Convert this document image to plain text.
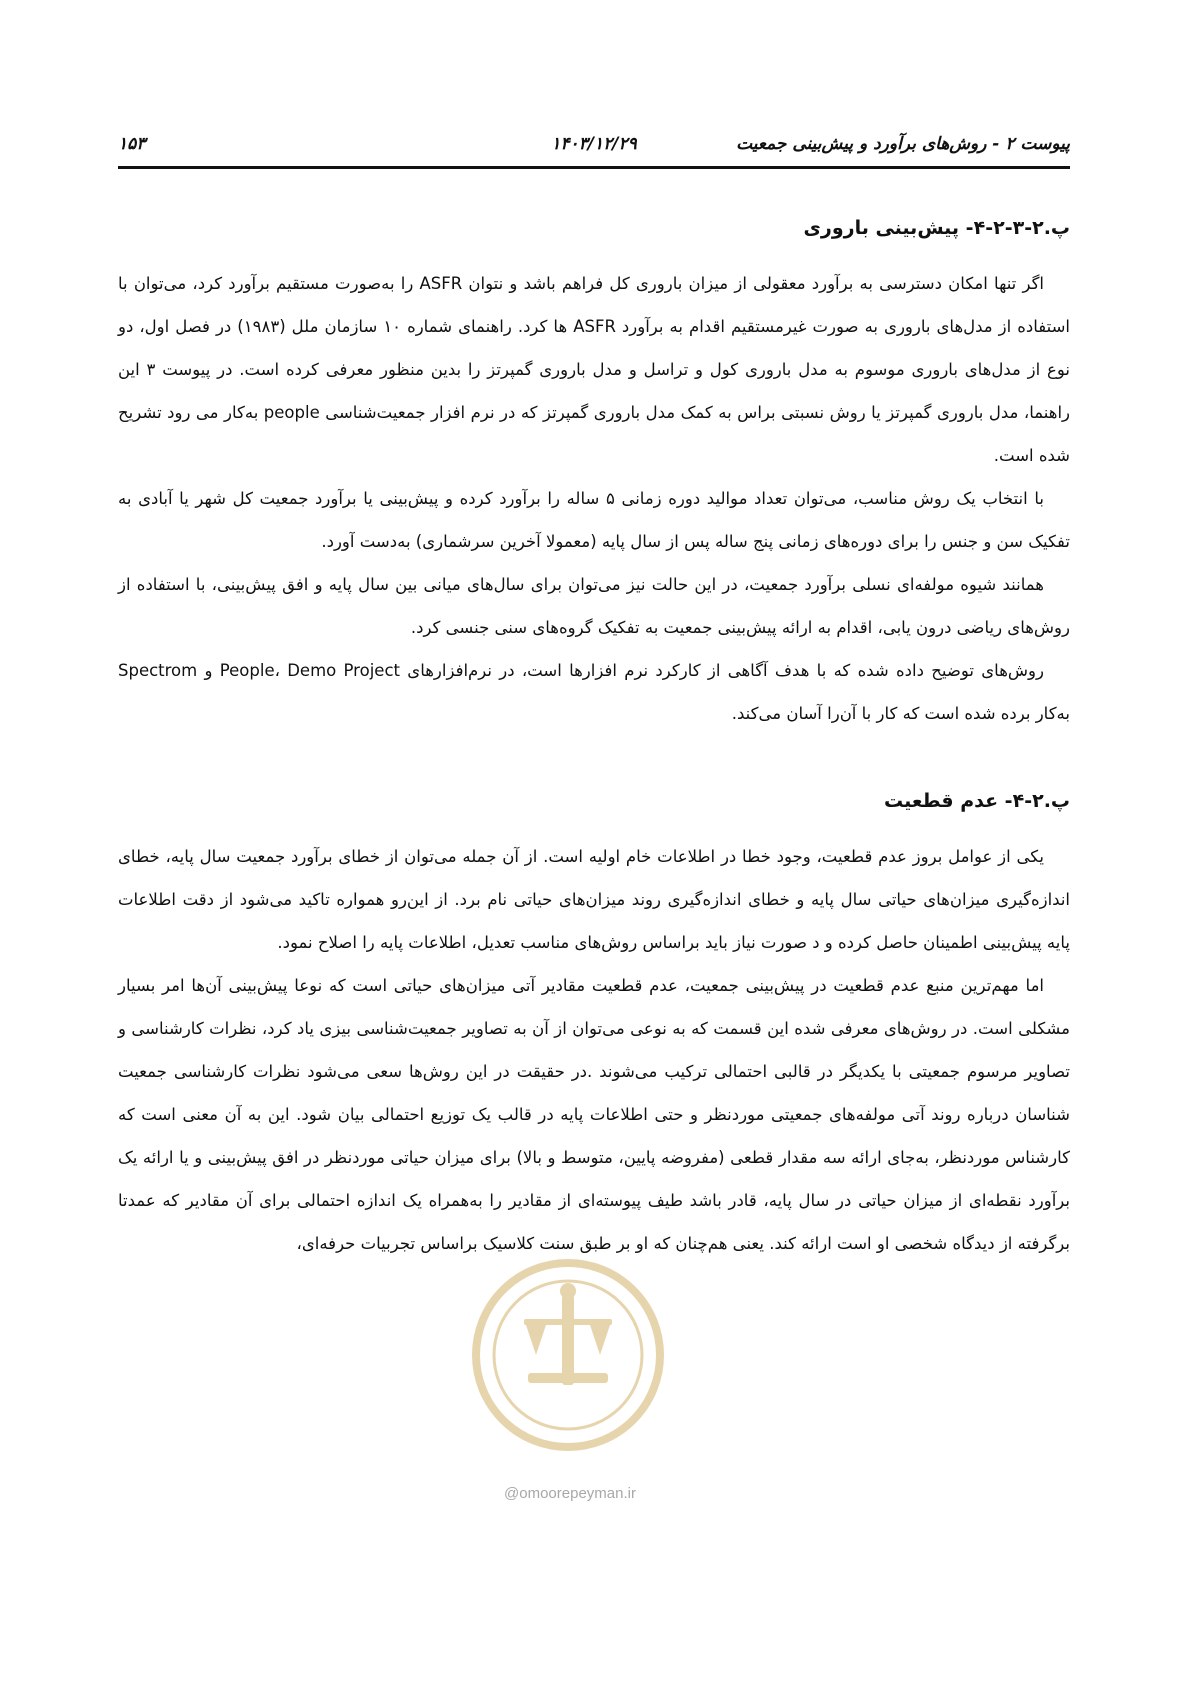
پیوست ۲ - روش‌های برآورد و پیش‌بینی جمعیت
۱۴۰۳/۱۲/۲۹
۱۵۳
پ.۲-۳-۲-۴- پیش‌بینی باروری

اگر تنها امکان دسترسی به برآورد معقولی از میزان باروری کل فراهم باشد و نتوان ASFR را به‌صورت مستقیم برآورد کرد، می‌توان با استفاده از مدل‌های باروری به صورت غیرمستقیم اقدام به برآورد ASFR ها کرد. راهنمای شماره ۱۰ سازمان ملل (۱۹۸۳) در فصل اول، دو نوع از مدل‌های باروری موسوم به مدل باروری کول و تراسل و مدل باروری گمپرتز را بدین منظور معرفی کرده است. در پیوست ۳ این راهنما، مدل باروری گمپرتز یا روش نسبتی براس به کمک مدل باروری گمپرتز که در نرم افزار جمعیت‌شناسی people به‌کار می رود تشریح شده است.

با انتخاب یک روش مناسب، می‌توان تعداد موالید دوره زمانی ۵ ساله را برآورد کرده و پیش‌بینی یا برآورد جمعیت کل شهر یا آبادی به تفکیک سن و جنس را برای دوره‌های زمانی پنج ساله پس از سال پایه (معمولا آخرین سرشماری) به‌دست آورد.

همانند شیوه مولفه‌ای نسلی برآورد جمعیت، در این حالت نیز می‌توان برای سال‌های میانی بین سال پایه و افق پیش‌بینی، با استفاده از روش‌های ریاضی درون یابی، اقدام به ارائه پیش‌بینی جمعیت به تفکیک گروه‌های سنی جنسی کرد.

روش‌های توضیح داده شده که با هدف آگاهی از کارکرد نرم افزارها است، در نرم‌افزارهای People، Demo Project و Spectrom به‌کار برده شده است که کار با آن‌را آسان می‌کند.

پ.۲-۴- عدم قطعیت

یکی از عوامل بروز عدم قطعیت، وجود خطا در اطلاعات خام اولیه است. از آن جمله می‌توان از خطای برآورد جمعیت سال پایه، خطای اندازه‌گیری میزان‌های حیاتی سال پایه و خطای اندازه‌گیری روند میزان‌های حیاتی نام برد. از این‌رو همواره تاکید می‌شود از دقت اطلاعات پایه پیش‌بینی اطمینان حاصل کرده و د صورت نیاز باید براساس روش‌های مناسب تعدیل، اطلاعات پایه را اصلاح نمود.

اما مهم‌ترین منبع عدم قطعیت در پیش‌بینی جمعیت، عدم قطعیت مقادیر آتی میزان‌های حیاتی است که نوعا پیش‌بینی آن‌ها امر بسیار مشکلی است. در روش‌های معرفی شده این قسمت که به نوعی می‌توان از آن به تصاویر جمعیت‌شناسی بیزی یاد کرد، نظرات کارشناسی و تصاویر مرسوم جمعیتی با یکدیگر در قالبی احتمالی ترکیب می‌شوند .در حقیقت در این روش‌ها سعی می‌شود نظرات کارشناسی جمعیت شناسان درباره روند آتی مولفه‌های جمعیتی موردنظر و حتی اطلاعات پایه در قالب یک توزیع احتمالی بیان شود. این به آن معنی است که کارشناس موردنظر، به‌جای ارائه سه مقدار قطعی (مفروضه پایین، متوسط و بالا) برای میزان حیاتی موردنظر در افق پیش‌بینی و یا ارائه یک برآورد نقطه‌ای از میزان حیاتی در سال پایه، قادر باشد طیف پیوسته‌ای از مقادیر را به‌همراه یک اندازه احتمالی برای آن مقادیر که عمدتا برگرفته از دیدگاه شخصی او است ارائه کند. یعنی هم‌چنان که او بر طبق سنت کلاسیک براساس تجربیات حرفه‌ای،

@omoorepeyman.ir
